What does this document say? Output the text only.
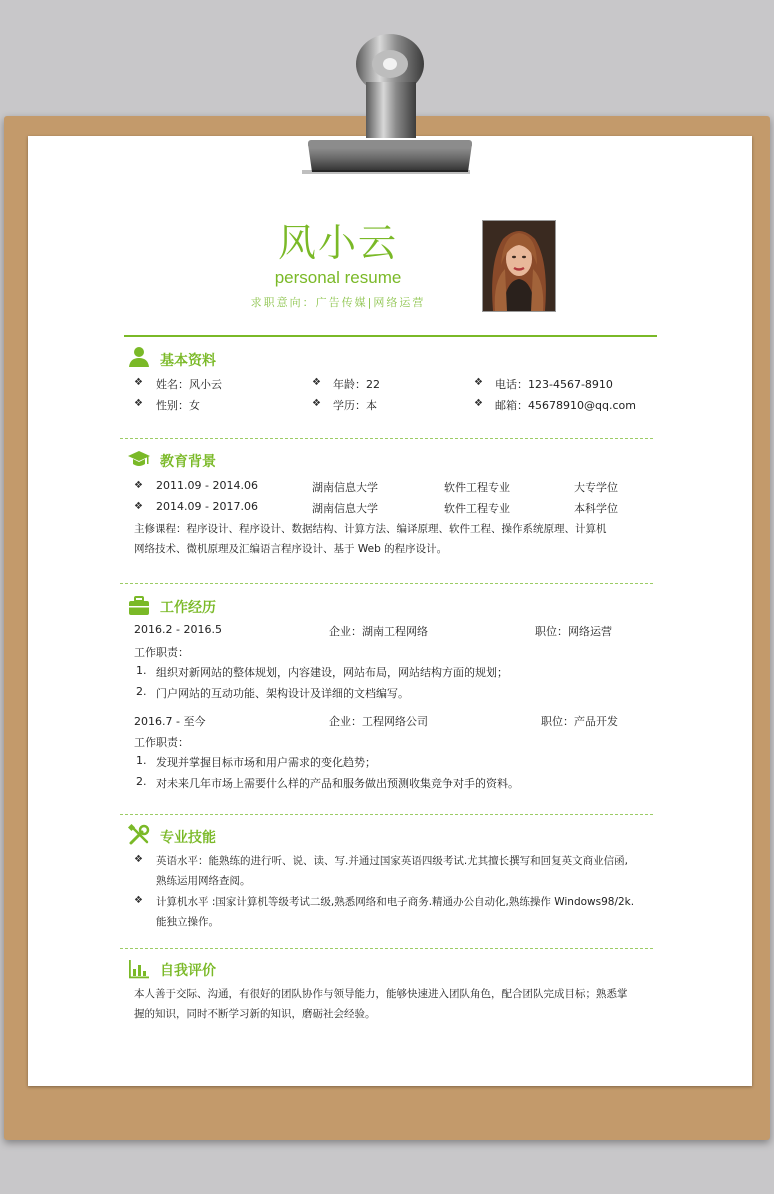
风小云
personal resume
求职意向：广告传媒|网络运营
基本资料
❖ 姓名：风小云	❖ 年龄：22	❖ 电话：123-4567-8910
❖ 性别：女	❖ 学历：本	❖ 邮箱：45678910@qq.com
教育背景
❖ 2011.09 - 2014.06	湖南信息大学	软件工程专业	大专学位
❖ 2014.09 - 2017.06	湖南信息大学	软件工程专业	本科学位
主修课程：程序设计、程序设计、数据结构、计算方法、编译原理、软件工程、操作系统原理、计算机
网络技术、微机原理及汇编语言程序设计、基于 Web 的程序设计。
工作经历
2016.2 - 2016.5	企业：湖南工程网络	职位：网络运营
工作职责：
1. 组织对新网站的整体规划，内容建设，网站布局，网站结构方面的规划；
2. 门户网站的互动功能、架构设计及详细的文档编写。
2016.7 - 至今	企业：工程网络公司	职位：产品开发
工作职责：
1. 发现并掌握目标市场和用户需求的变化趋势；
2. 对未来几年市场上需要什么样的产品和服务做出预测收集竞争对手的资料。
专业技能
❖ 英语水平：能熟练的进行听、说、读、写.并通过国家英语四级考试.尤其擅长撰写和回复英文商业信函,
熟练运用网络查阅。
❖ 计算机水平 :国家计算机等级考试二级,熟悉网络和电子商务.精通办公自动化,熟练操作 Windows98/2k.
能独立操作。
自我评价
本人善于交际、沟通，有很好的团队协作与领导能力，能够快速进入团队角色，配合团队完成目标；熟悉掌
握的知识，同时不断学习新的知识，磨砺社会经验。
